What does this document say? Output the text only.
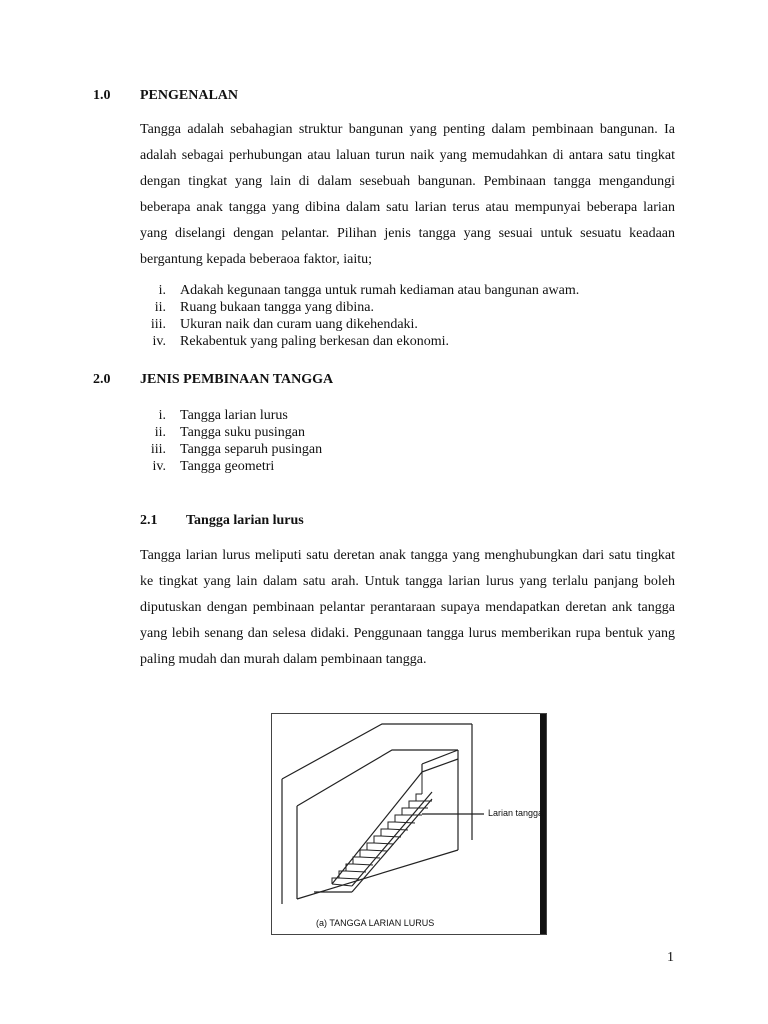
1.0 PENGENALAN
Tangga adalah sebahagian struktur bangunan yang penting dalam pembinaan bangunan. Ia adalah sebagai perhubungan atau laluan turun naik yang memudahkan di antara satu tingkat dengan tingkat yang lain di dalam sesebuah bangunan. Pembinaan tangga mengandungi beberapa anak tangga yang dibina dalam satu larian terus atau mempunyai beberapa larian yang diselangi dengan pelantar. Pilihan jenis tangga yang sesuai untuk sesuatu keadaan bergantung kepada beberaoa faktor, iaitu;
i. Adakah kegunaan tangga untuk rumah kediaman atau bangunan awam.
ii. Ruang bukaan tangga yang dibina.
iii. Ukuran naik dan curam uang dikehendaki.
iv. Rekabentuk yang paling berkesan dan ekonomi.
2.0 JENIS PEMBINAAN TANGGA
i. Tangga larian lurus
ii. Tangga suku pusingan
iii. Tangga separuh pusingan
iv. Tangga geometri
2.1 Tangga larian lurus
Tangga larian lurus meliputi satu deretan anak tangga yang menghubungkan dari satu tingkat ke tingkat yang lain dalam satu arah. Untuk tangga larian lurus yang terlalu panjang boleh diputuskan dengan pembinaan pelantar perantaraan supaya mendapatkan deretan ank tangga yang lebih senang dan selesa didaki. Penggunaan tangga lurus memberikan rupa bentuk yang paling mudah dan murah dalam pembinaan tangga.
Larian tangga
(a) TANGGA LARIAN LURUS
1
